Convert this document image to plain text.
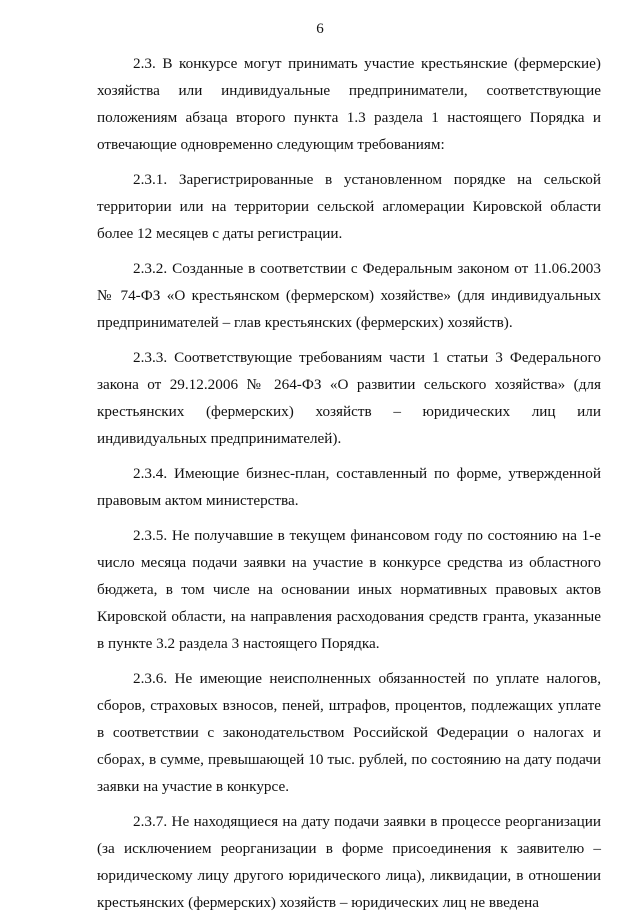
6

2.3. В конкурсе могут принимать участие крестьянские (фермерские) хозяйства или индивидуальные предприниматели, соответствующие положениям абзаца второго пункта 1.3 раздела 1 настоящего Порядка и отвечающие одновременно следующим требованиям:

2.3.1. Зарегистрированные в установленном порядке на сельской территории или на территории сельской агломерации Кировской области более 12 месяцев с даты регистрации.

2.3.2. Созданные в соответствии с Федеральным законом от 11.06.2003 № 74-ФЗ «О крестьянском (фермерском) хозяйстве» (для индивидуальных предпринимателей – глав крестьянских (фермерских) хозяйств).

2.3.3. Соответствующие требованиям части 1 статьи 3 Федерального закона от 29.12.2006 № 264-ФЗ «О развитии сельского хозяйства» (для крестьянских (фермерских) хозяйств – юридических лиц или индивидуальных предпринимателей).

2.3.4. Имеющие бизнес-план, составленный по форме, утвержденной правовым актом министерства.

2.3.5. Не получавшие в текущем финансовом году по состоянию на 1-е число месяца подачи заявки на участие в конкурсе средства из областного бюджета, в том числе на основании иных нормативных правовых актов Кировской области, на направления расходования средств гранта, указанные в пункте 3.2 раздела 3 настоящего Порядка.

2.3.6. Не имеющие неисполненных обязанностей по уплате налогов, сборов, страховых взносов, пеней, штрафов, процентов, подлежащих уплате в соответствии с законодательством Российской Федерации о налогах и сборах, в сумме, превышающей 10 тыс. рублей, по состоянию на дату подачи заявки на участие в конкурсе.

2.3.7. Не находящиеся на дату подачи заявки в процессе реорганизации (за исключением реорганизации в форме присоединения к заявителю – юридическому лицу другого юридического лица), ликвидации, в отношении крестьянских (фермерских) хозяйств – юридических лиц не введена
